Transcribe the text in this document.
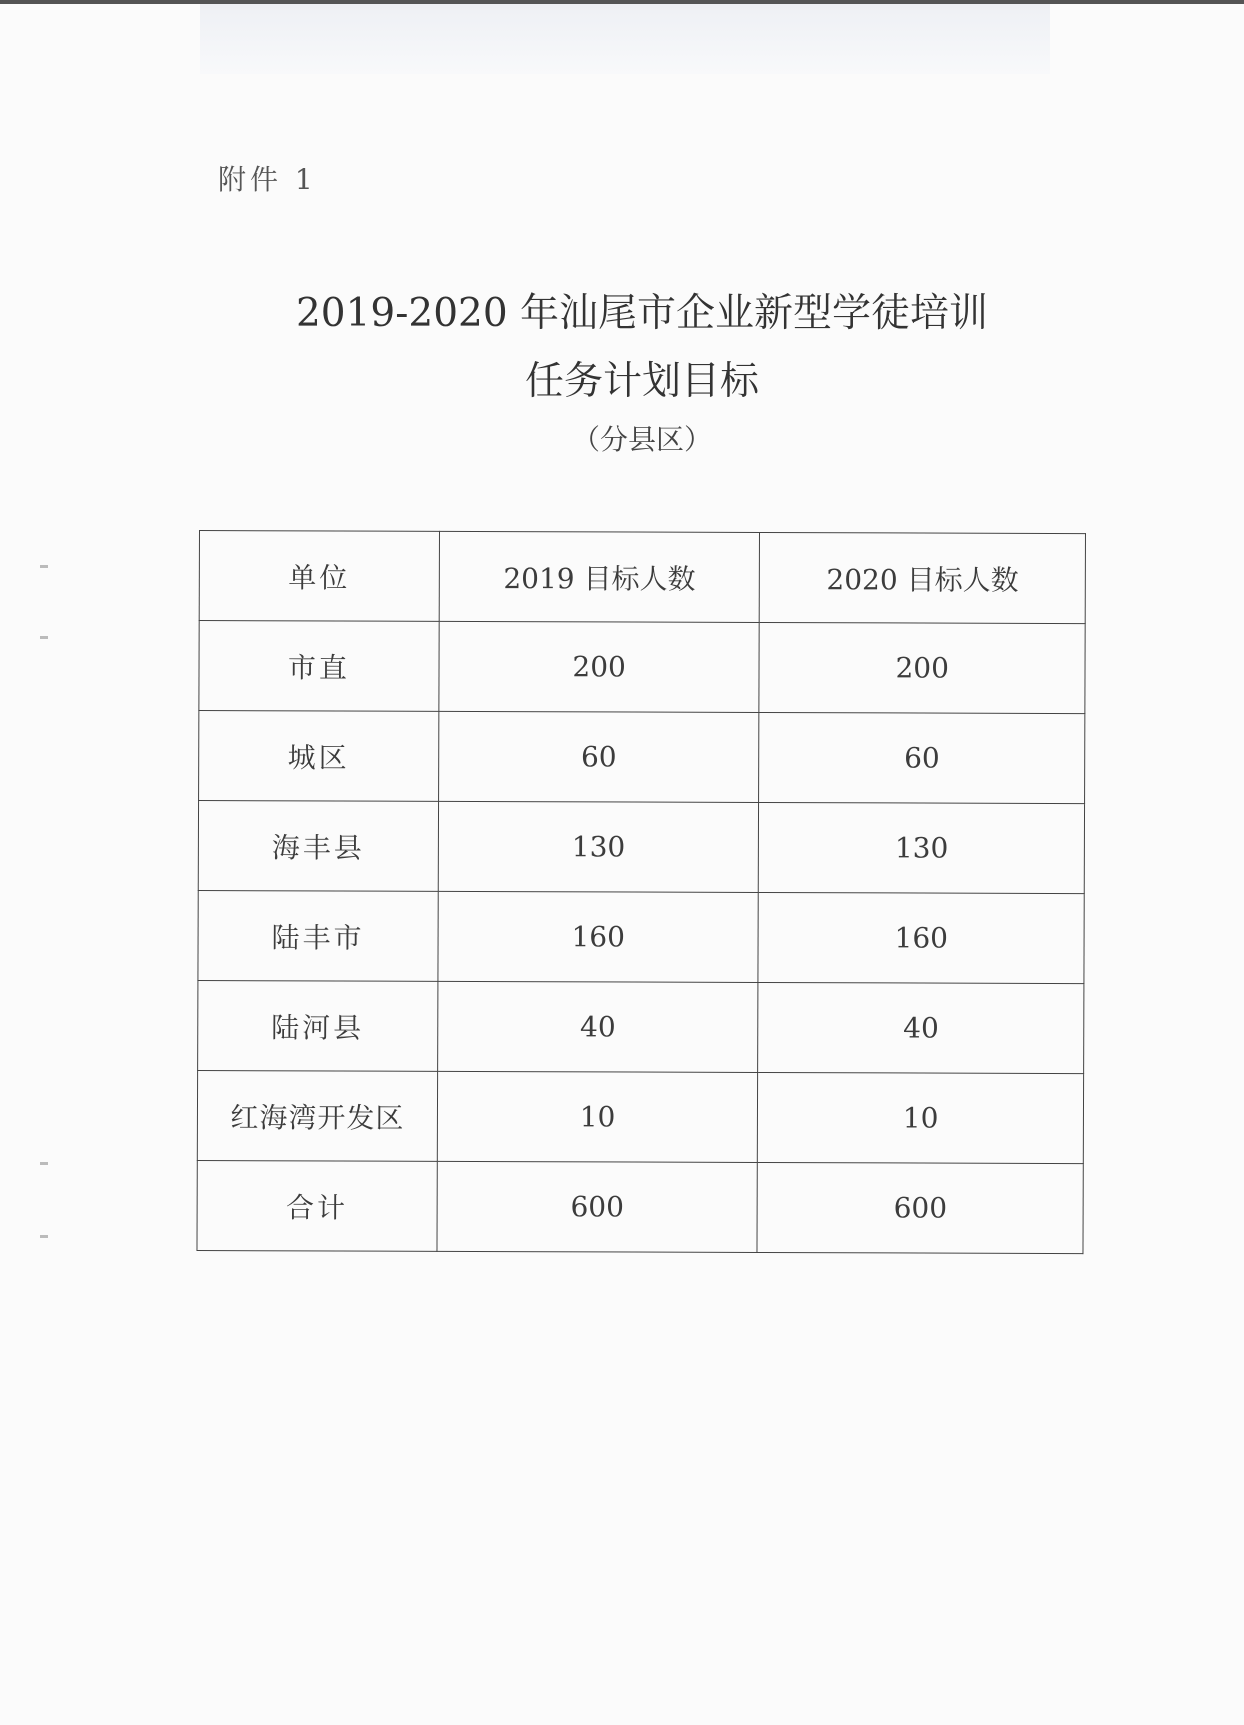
附件 1
2019-2020 年汕尾市企业新型学徒培训
任务计划目标
（分县区）
单位	2019 目标人数	2020 目标人数
市直	200	200
城区	60	60
海丰县	130	130
陆丰市	160	160
陆河县	40	40
红海湾开发区	10	10
合计	600	600
